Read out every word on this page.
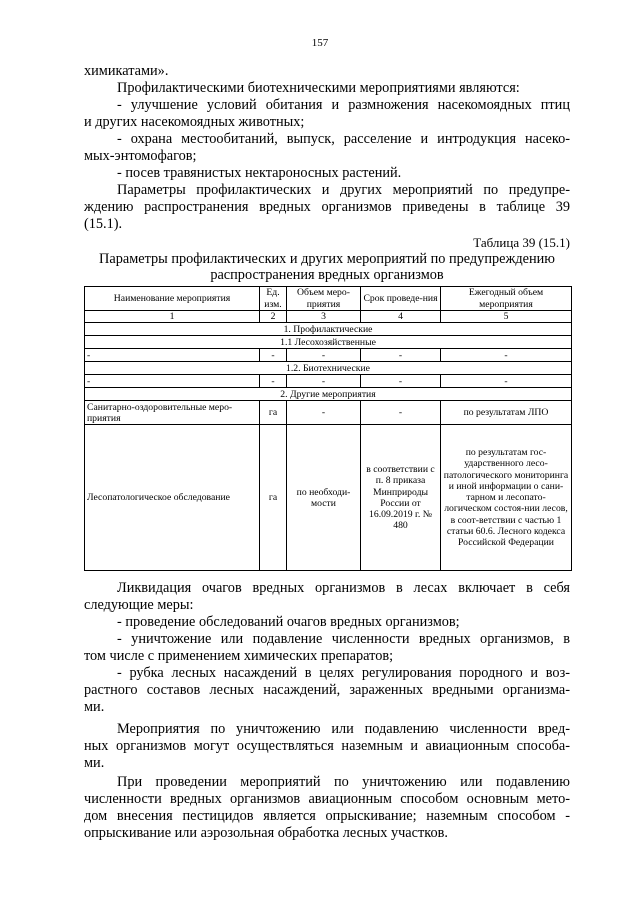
157

химикатами».

Профилактическими биотехническими мероприятиями являются:

- улучшение условий обитания и размножения насекомоядных птиц

и других насекомоядных животных;

- охрана местообитаний, выпуск, расселение и интродукция насеко-

мых-энтомофагов;

- посев травянистых нектароносных растений.

Параметры профилактических и других мероприятий по предупре-

ждению распространения вредных организмов приведены в таблице 39

(15.1).

Таблица 39 (15.1)
Параметры профилактических и других мероприятий по предупреждению
распространения вредных организмов
Наименование мероприятия	Ед. изм.	Объем меро-приятия	Срок проведе-ния	Ежегодный объем мероприятия
1	2	3	4	5
1. Профилактические				
1.1 Лесохозяйственные				
-	-	-	-	-
1.2. Биотехнические				
-	-	-	-	-
2. Другие мероприятия				
Санитарно-оздоровительные меро-приятия	га	-	-	по результатам ЛПО
Лесопатологическое обследование	га	по необходи-мости	в соответствии с п. 8 приказа Минприроды России от 16.09.2019 г. № 480	по результатам гос-ударственного лесо-патологического мониторинга и иной информации о сани-тарном и лесопато-логическом состоя-нии лесов, в соот-ветствии с частью 1 статьи 60.6. Лесного кодекса Российской Федерации

Ликвидация очагов вредных организмов в лесах включает в себя

следующие меры:

- проведение обследований очагов вредных организмов;

- уничтожение или подавление численности вредных организмов, в

том числе с применением химических препаратов;

- рубка лесных насаждений в целях регулирования породного и воз-

растного составов лесных насаждений, зараженных вредными организма-

ми.

Мероприятия по уничтожению или подавлению численности вред-

ных организмов могут осуществляться наземным и авиационным способа-

ми.

При проведении мероприятий по уничтожению или подавлению

численности вредных организмов авиационным способом основным мето-

дом внесения пестицидов является опрыскивание; наземным способом -

опрыскивание или аэрозольная обработка лесных участков.
